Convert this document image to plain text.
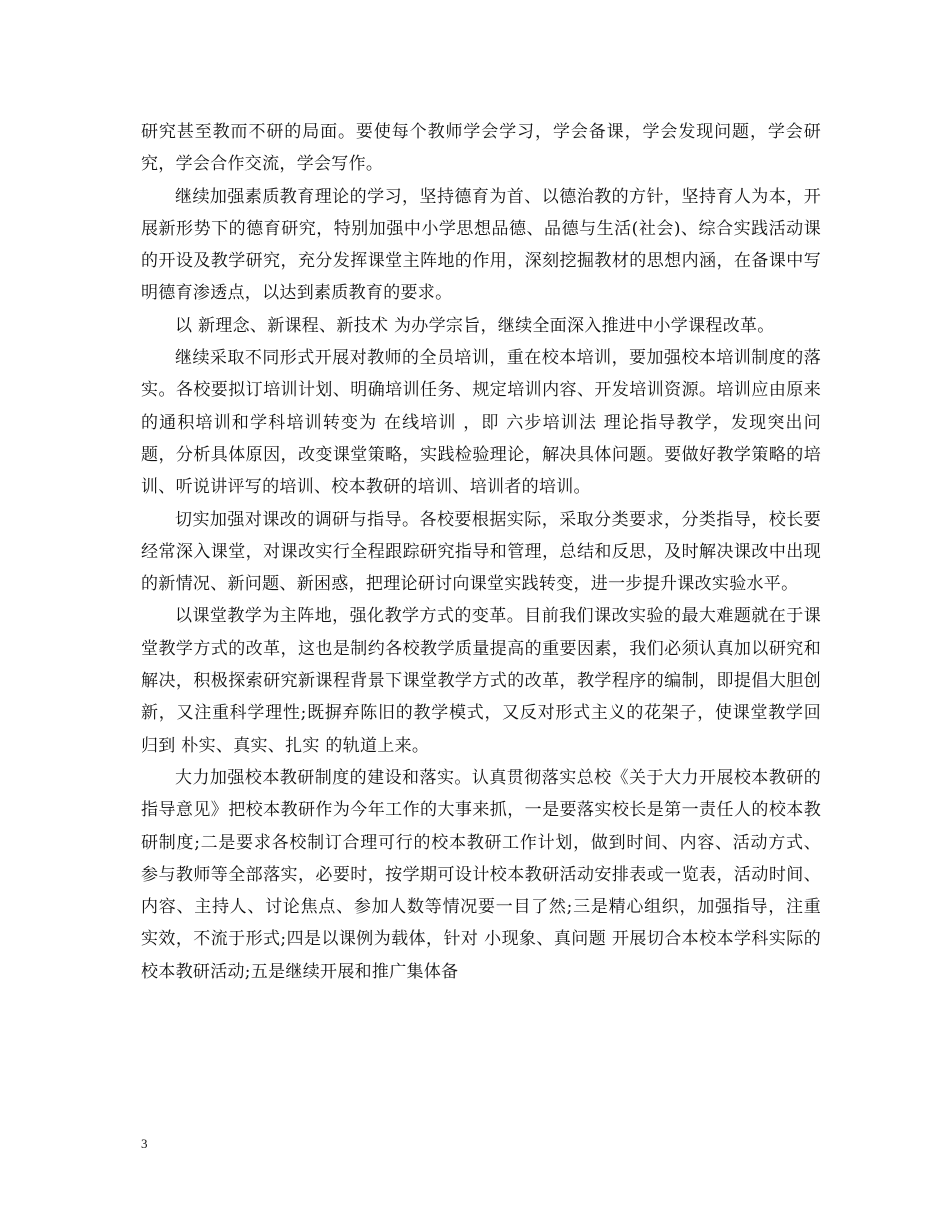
研究甚至教而不研的局面。要使每个教师学会学习，学会备课，学会发现问题，学会研究，学会合作交流，学会写作。

继续加强素质教育理论的学习，坚持德育为首、以德治教的方针，坚持育人为本，开展新形势下的德育研究，特别加强中小学思想品德、品德与生活(社会)、综合实践活动课的开设及教学研究，充分发挥课堂主阵地的作用，深刻挖掘教材的思想内涵，在备课中写明德育渗透点，以达到素质教育的要求。

以 新理念、新课程、新技术 为办学宗旨，继续全面深入推进中小学课程改革。

继续采取不同形式开展对教师的全员培训，重在校本培训，要加强校本培训制度的落实。各校要拟订培训计划、明确培训任务、规定培训内容、开发培训资源。培训应由原来的通积培训和学科培训转变为 在线培训 ，即 六步培训法 理论指导教学，发现突出问题，分析具体原因，改变课堂策略，实践检验理论，解决具体问题。要做好教学策略的培训、听说讲评写的培训、校本教研的培训、培训者的培训。

切实加强对课改的调研与指导。各校要根据实际，采取分类要求，分类指导，校长要经常深入课堂，对课改实行全程跟踪研究指导和管理，总结和反思，及时解决课改中出现的新情况、新问题、新困惑，把理论研讨向课堂实践转变，进一步提升课改实验水平。

以课堂教学为主阵地，强化教学方式的变革。目前我们课改实验的最大难题就在于课堂教学方式的改革，这也是制约各校教学质量提高的重要因素，我们必须认真加以研究和解决，积极探索研究新课程背景下课堂教学方式的改革，教学程序的编制，即提倡大胆创新，又注重科学理性;既摒弃陈旧的教学模式，又反对形式主义的花架子，使课堂教学回归到 朴实、真实、扎实 的轨道上来。

大力加强校本教研制度的建设和落实。认真贯彻落实总校《关于大力开展校本教研的指导意见》把校本教研作为今年工作的大事来抓，一是要落实校长是第一责任人的校本教研制度;二是要求各校制订合理可行的校本教研工作计划，做到时间、内容、活动方式、参与教师等全部落实，必要时，按学期可设计校本教研活动安排表或一览表，活动时间、内容、主持人、讨论焦点、参加人数等情况要一目了然;三是精心组织，加强指导，注重实效，不流于形式;四是以课例为载体，针对 小现象、真问题 开展切合本校本学科实际的校本教研活动;五是继续开展和推广集体备

3
